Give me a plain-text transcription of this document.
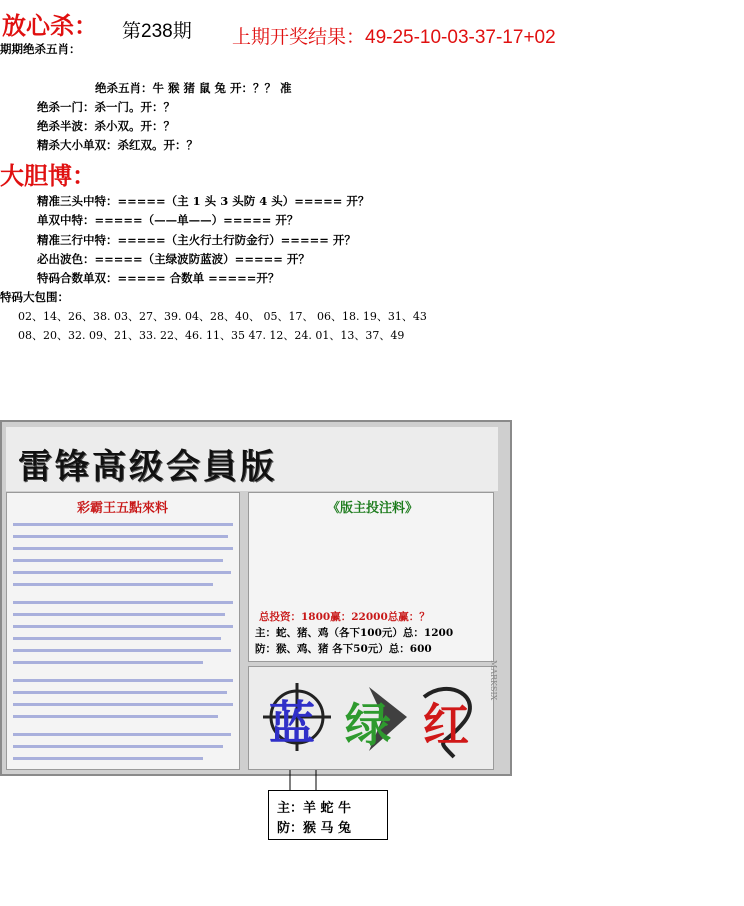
放心杀： 第238期 上期开奖结果：49-25-10-03-37-17+02
期期绝杀五肖：
绝杀五肖：牛 猴 猪 鼠 兔 开：？？ 准
绝杀一门：杀一门。开：？
绝杀半波：杀小双。开：？
精杀大小单双：杀红双。开：？
大胆博：
精准三头中特：=====（主 1 头 3 头防 4 头）===== 开？
单双中特：=====（——单——）===== 开？
精准三行中特：=====（主火行土行防金行）===== 开？
必出波色：=====（主绿波防蓝波）===== 开？
特码合数单双：===== 合数单 =====开？
特码大包围：
02、14、26、38. 03、27、39. 04、28、40、 05、17、 06、18. 19、31、43
08、20、32. 09、21、33. 22、46. 11、35 47. 12、24. 01、13、37、49
雷锋高级会員版
彩霸王五點來料	《版主投注料》
总投资：1800赢：22000总赢：？
主：蛇、猪、鸡（各下100元）总：1200
防：猴、鸡、猪 各下50元）总：600
蓝 绿 红
MARKSIX
主：羊 蛇 牛
防：猴 马 兔
